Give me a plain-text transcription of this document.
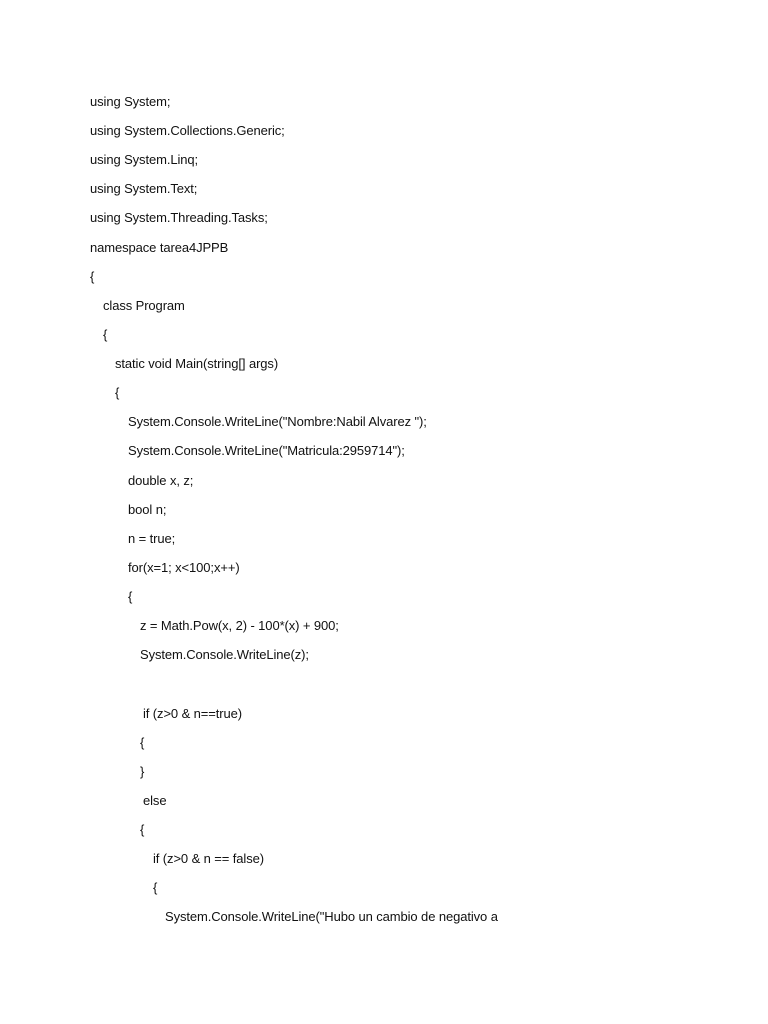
using System;
using System.Collections.Generic;
using System.Linq;
using System.Text;
using System.Threading.Tasks;
namespace tarea4JPPB
{
class Program
{
static void Main(string[] args)
{
System.Console.WriteLine("Nombre:Nabil Alvarez ");
System.Console.WriteLine("Matricula:2959714");
double x, z;
bool n;
n = true;
for(x=1; x<100;x++)
{
z = Math.Pow(x, 2) - 100*(x) + 900;
System.Console.WriteLine(z);
if (z>0 & n==true)
{
}
else
{
if (z>0 & n == false)
{
System.Console.WriteLine("Hubo un cambio de negativo a
